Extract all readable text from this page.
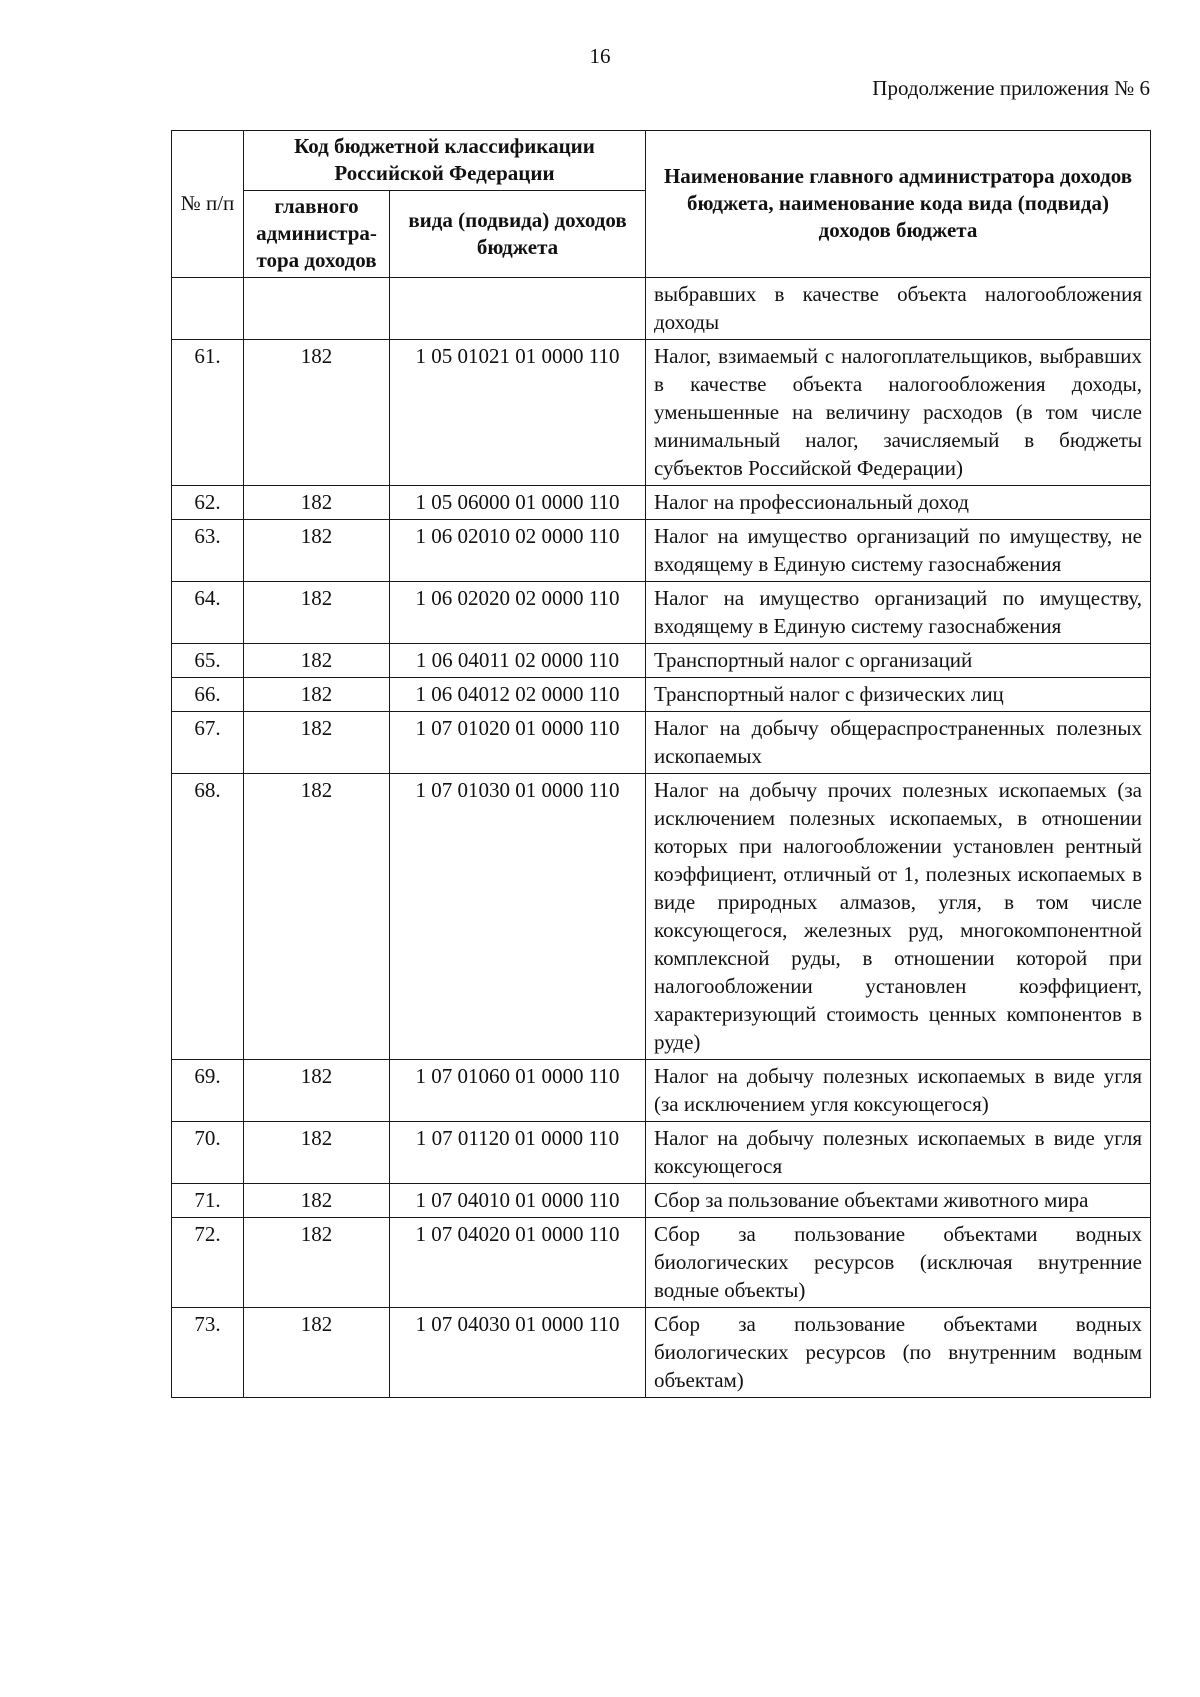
16
Продолжение приложения № 6
№ п/п	Код бюджетной классификации Российской Федерации		Наименование главного администратора доходов бюджета, наименование кода вида (подвида) доходов бюджета
	главного администра-тора доходов	вида (подвида) доходов бюджета	
			выбравших в качестве объекта налогообложения доходы
61.	182	1 05 01021 01 0000 110	Налог, взимаемый с налогоплательщиков, выбравших в качестве объекта налогообложения доходы, уменьшенные на величину расходов (в том числе минимальный налог, зачисляемый в бюджеты субъектов Российской Федерации)
62.	182	1 05 06000 01 0000 110	Налог на профессиональный доход
63.	182	1 06 02010 02 0000 110	Налог на имущество организаций по имуществу, не входящему в Единую систему газоснабжения
64.	182	1 06 02020 02 0000 110	Налог на имущество организаций по имуществу, входящему в Единую систему газоснабжения
65.	182	1 06 04011 02 0000 110	Транспортный налог с организаций
66.	182	1 06 04012 02 0000 110	Транспортный налог с физических лиц
67.	182	1 07 01020 01 0000 110	Налог на добычу общераспространенных полезных ископаемых
68.	182	1 07 01030 01 0000 110	Налог на добычу прочих полезных ископаемых (за исключением полезных ископаемых, в отношении которых при налогообложении установлен рентный коэффициент, отличный от 1, полезных ископаемых в виде природных алмазов, угля, в том числе коксующегося, железных руд, многокомпонентной комплексной руды, в отношении которой при налогообложении установлен коэффициент, характеризующий стоимость ценных компонентов в руде)
69.	182	1 07 01060 01 0000 110	Налог на добычу полезных ископаемых в виде угля (за исключением угля коксующегося)
70.	182	1 07 01120 01 0000 110	Налог на добычу полезных ископаемых в виде угля коксующегося
71.	182	1 07 04010 01 0000 110	Сбор за пользование объектами животного мира
72.	182	1 07 04020 01 0000 110	Сбор за пользование объектами водных биологических ресурсов (исключая внутренние водные объекты)
73.	182	1 07 04030 01 0000 110	Сбор за пользование объектами водных биологических ресурсов (по внутренним водным объектам)
